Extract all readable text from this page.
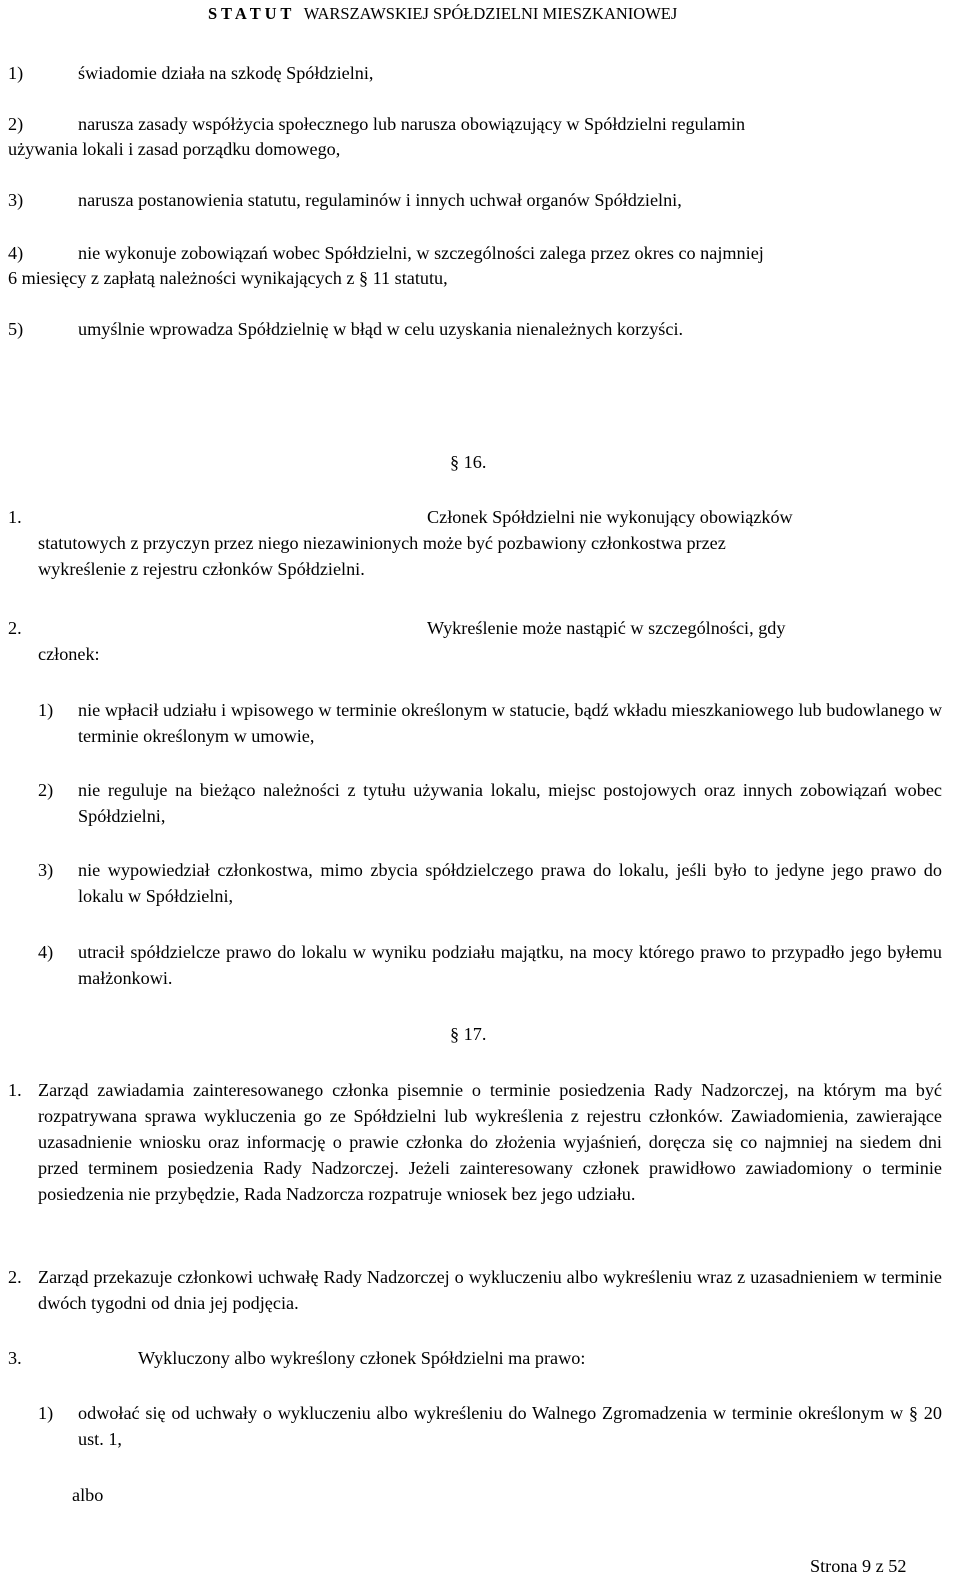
S T A T U T WARSZAWSKIEJ SPÓŁDZIELNI MIESZKANIOWEJ
1)	świadomie działa na szkodę Spółdzielni,
2)	narusza zasady współżycia społecznego lub narusza obowiązujący w Spółdzielni regulamin
używania lokali i zasad porządku domowego,
3)	narusza postanowienia statutu, regulaminów i innych uchwał organów Spółdzielni,
4)	nie wykonuje zobowiązań wobec Spółdzielni, w szczególności zalega przez okres co najmniej
6 miesięcy z zapłatą należności wynikających z § 11 statutu,
5)	umyślnie wprowadza Spółdzielnię w błąd w celu uzyskania nienależnych korzyści.
§ 16.
1.	Członek Spółdzielni nie wykonujący obowiązków
statutowych z przyczyn przez niego niezawinionych może być pozbawiony członkostwa przez
wykreślenie z rejestru członków Spółdzielni.
2.	Wykreślenie może nastąpić w szczególności, gdy
członek:
1) nie wpłacił udziału i wpisowego w terminie określonym w statucie, bądź wkładu mieszkaniowego lub budowlanego w terminie określonym w umowie,
2) nie reguluje na bieżąco należności z tytułu używania lokalu, miejsc postojowych oraz innych zobowiązań wobec Spółdzielni,
3) nie wypowiedział członkostwa, mimo zbycia spółdzielczego prawa do lokalu, jeśli było to jedyne jego prawo do lokalu w Spółdzielni,
4) utracił spółdzielcze prawo do lokalu w wyniku podziału majątku, na mocy którego prawo to przypadło jego byłemu małżonkowi.
§ 17.
1. Zarząd zawiadamia zainteresowanego członka pisemnie o terminie posiedzenia Rady Nadzorczej, na którym ma być rozpatrywana sprawa wykluczenia go ze Spółdzielni lub wykreślenia z rejestru członków. Zawiadomienia, zawierające uzasadnienie wniosku oraz informację o prawie członka do złożenia wyjaśnień, doręcza się co najmniej na siedem dni przed terminem posiedzenia Rady Nadzorczej. Jeżeli zainteresowany członek prawidłowo zawiadomiony o terminie posiedzenia nie przybędzie, Rada Nadzorcza rozpatruje wniosek bez jego udziału.
2. Zarząd przekazuje członkowi uchwałę Rady Nadzorczej o wykluczeniu albo wykreśleniu wraz z uzasadnieniem w terminie dwóch tygodni od dnia jej podjęcia.
3.	Wykluczony albo wykreślony członek Spółdzielni ma prawo:
1) odwołać się od uchwały o wykluczeniu albo wykreśleniu do Walnego Zgromadzenia w terminie określonym w § 20 ust. 1,
albo
Strona 9 z 52
